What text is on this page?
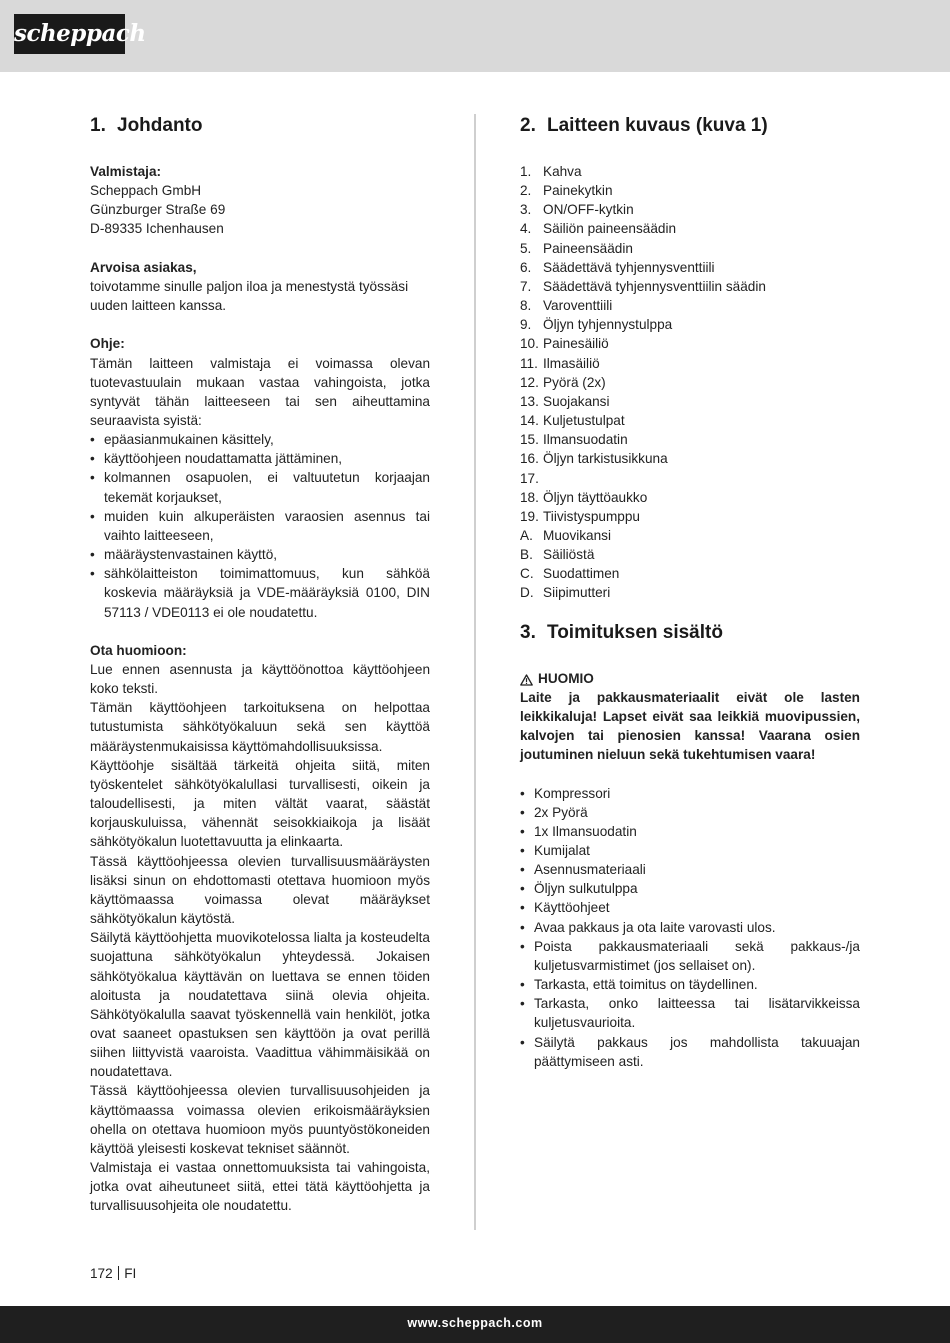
scheppach
1. Johdanto

Valmistaja:

Scheppach GmbH

Günzburger Straße 69

D-89335 Ichenhausen

Arvoisa asiakas,

toivotamme sinulle paljon iloa ja menestystä työssäsi uuden laitteen kanssa.

Ohje:

Tämän laitteen valmistaja ei voimassa olevan tuotevastuulain mukaan vastaa vahingoista, jotka syntyvät tähän laitteeseen tai sen aiheuttamina seuraavista syistä:

• epäasianmukainen käsittely,
• käyttöohjeen noudattamatta jättäminen,
• kolmannen osapuolen, ei valtuutetun korjaajan tekemät korjaukset,
• muiden kuin alkuperäisten varaosien asennus tai vaihto laitteeseen,
• määräystenvastainen käyttö,
• sähkölaitteiston toimimattomuus, kun sähköä koskevia määräyksiä ja VDE-määräyksiä 0100, DIN 57113 / VDE0113 ei ole noudatettu.

Ota huomioon:

Lue ennen asennusta ja käyttöönottoa käyttöohjeen koko teksti.

Tämän käyttöohjeen tarkoituksena on helpottaa tutustumista sähkötyökaluun sekä sen käyttöä määräystenmukaisissa käyttömahdollisuuksissa.

Käyttöohje sisältää tärkeitä ohjeita siitä, miten työskentelet sähkötyökalullasi turvallisesti, oikein ja taloudellisesti, ja miten vältät vaarat, säästät korjauskuluissa, vähennät seisokkiaikoja ja lisäät sähkötyökalun luotettavuutta ja elinkaarta.

Tässä käyttöohjeessa olevien turvallisuusmääräysten lisäksi sinun on ehdottomasti otettava huomioon myös käyttömaassa voimassa olevat määräykset sähkötyökalun käytöstä.

Säilytä käyttöohjetta muovikotelossa lialta ja kosteudelta suojattuna sähkötyökalun yhteydessä. Jokaisen sähkötyökalua käyttävän on luettava se ennen töiden aloitusta ja noudatettava siinä olevia ohjeita. Sähkötyökalulla saavat työskennellä vain henkilöt, jotka ovat saaneet opastuksen sen käyttöön ja ovat perillä siihen liittyvistä vaaroista. Vaadittua vähimmäisikää on noudatettava.

Tässä käyttöohjeessa olevien turvallisuusohjeiden ja käyttömaassa voimassa olevien erikoismääräyksien ohella on otettava huomioon myös puuntyöstökoneiden käyttöä yleisesti koskevat tekniset säännöt.

Valmistaja ei vastaa onnettomuuksista tai vahingoista, jotka ovat aiheutuneet siitä, ettei tätä käyttöohjetta ja turvallisuusohjeita ole noudatettu.

2. Laitteen kuvaus (kuva 1)
1. Kahva
2. Painekytkin
3. ON/OFF-kytkin
4. Säiliön paineensäädin
5. Paineensäädin
6. Säädettävä tyhjennysventtiili
7. Säädettävä tyhjennysventtiilin säädin
8. Varoventtiili
9. Öljyn tyhjennystulppa
10. Painesäiliö
11. Ilmasäiliö
12. Pyörä (2x)
13. Suojakansi
14. Kuljetustulpat
15. Ilmansuodatin
16. Öljyn tarkistusikkuna
17.
18. Öljyn täyttöaukko
19. Tiivistyspumppu
A. Muovikansi
B. Säiliöstä
C. Suodattimen
D. Siipimutteri
3. Toimituksen sisältö
HUOMIO

Laite ja pakkausmateriaalit eivät ole lasten leikkikaluja! Lapset eivät saa leikkiä muovipussien, kalvojen tai pienosien kanssa! Vaarana osien joutuminen nieluun sekä tukehtumisen vaara!

• Kompressori
• 2x Pyörä
• 1x Ilmansuodatin
• Kumijalat
• Asennusmateriaali
• Öljyn sulkutulppa
• Käyttöohjeet
• Avaa pakkaus ja ota laite varovasti ulos.
• Poista pakkausmateriaali sekä pakkaus-/ja kuljetusvarmistimet (jos sellaiset on).
• Tarkasta, että toimitus on täydellinen.
• Tarkasta, onko laitteessa tai lisätarvikkeissa kuljetusvaurioita.
• Säilytä pakkaus jos mahdollista takuuajan päättymiseen asti.
172 FI
www.scheppach.com
